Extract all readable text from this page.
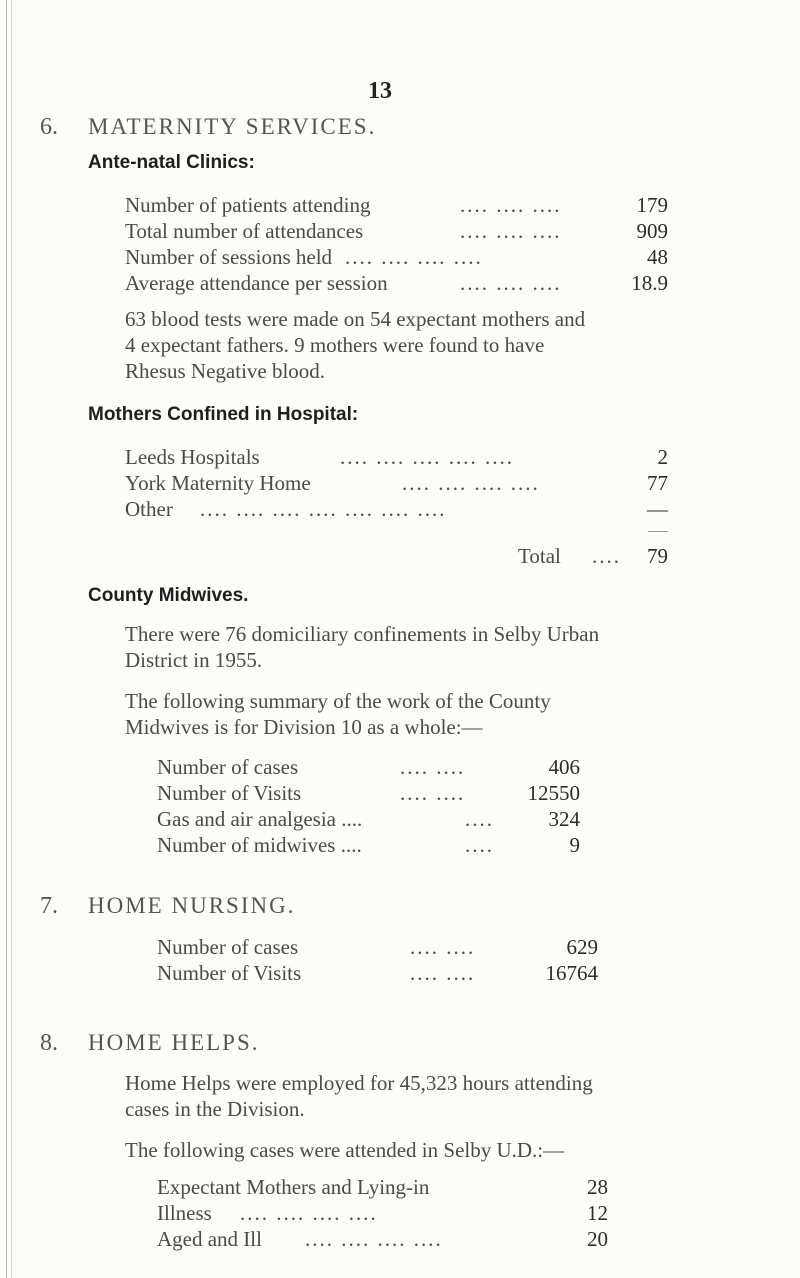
13
6. MATERNITY SERVICES.
Ante-natal Clinics:
Number of patients attending	.... .... ....	179
Total number of attendances	.... .... ....	909
Number of sessions held .... .... .... ....	48
Average attendance per session	.... .... ....	18.9
63 blood tests were made on 54 expectant mothers and
4 expectant fathers. 9 mothers were found to have
Rhesus Negative blood.
Mothers Confined in Hospital:
Leeds Hospitals	.... .... .... .... ....	2
York Maternity Home	.... .... .... ....	77
Other .... .... .... .... .... .... ....	—
Total ....	79
County Midwives.
There were 76 domiciliary confinements in Selby Urban
District in 1955.
The following summary of the work of the County
Midwives is for Division 10 as a whole:—
Number of cases	.... ....	406
Number of Visits	.... ....	12550
Gas and air analgesia ....	....	324
Number of midwives ....	....	9
7. HOME NURSING.
Number of cases	.... ....	629
Number of Visits	.... ....	16764
8. HOME HELPS.
Home Helps were employed for 45,323 hours attending
cases in the Division.
The following cases were attended in Selby U.D.:—
Expectant Mothers and Lying-in	28
Illness .... .... .... ....	12
Aged and Ill .... .... .... ....	20
